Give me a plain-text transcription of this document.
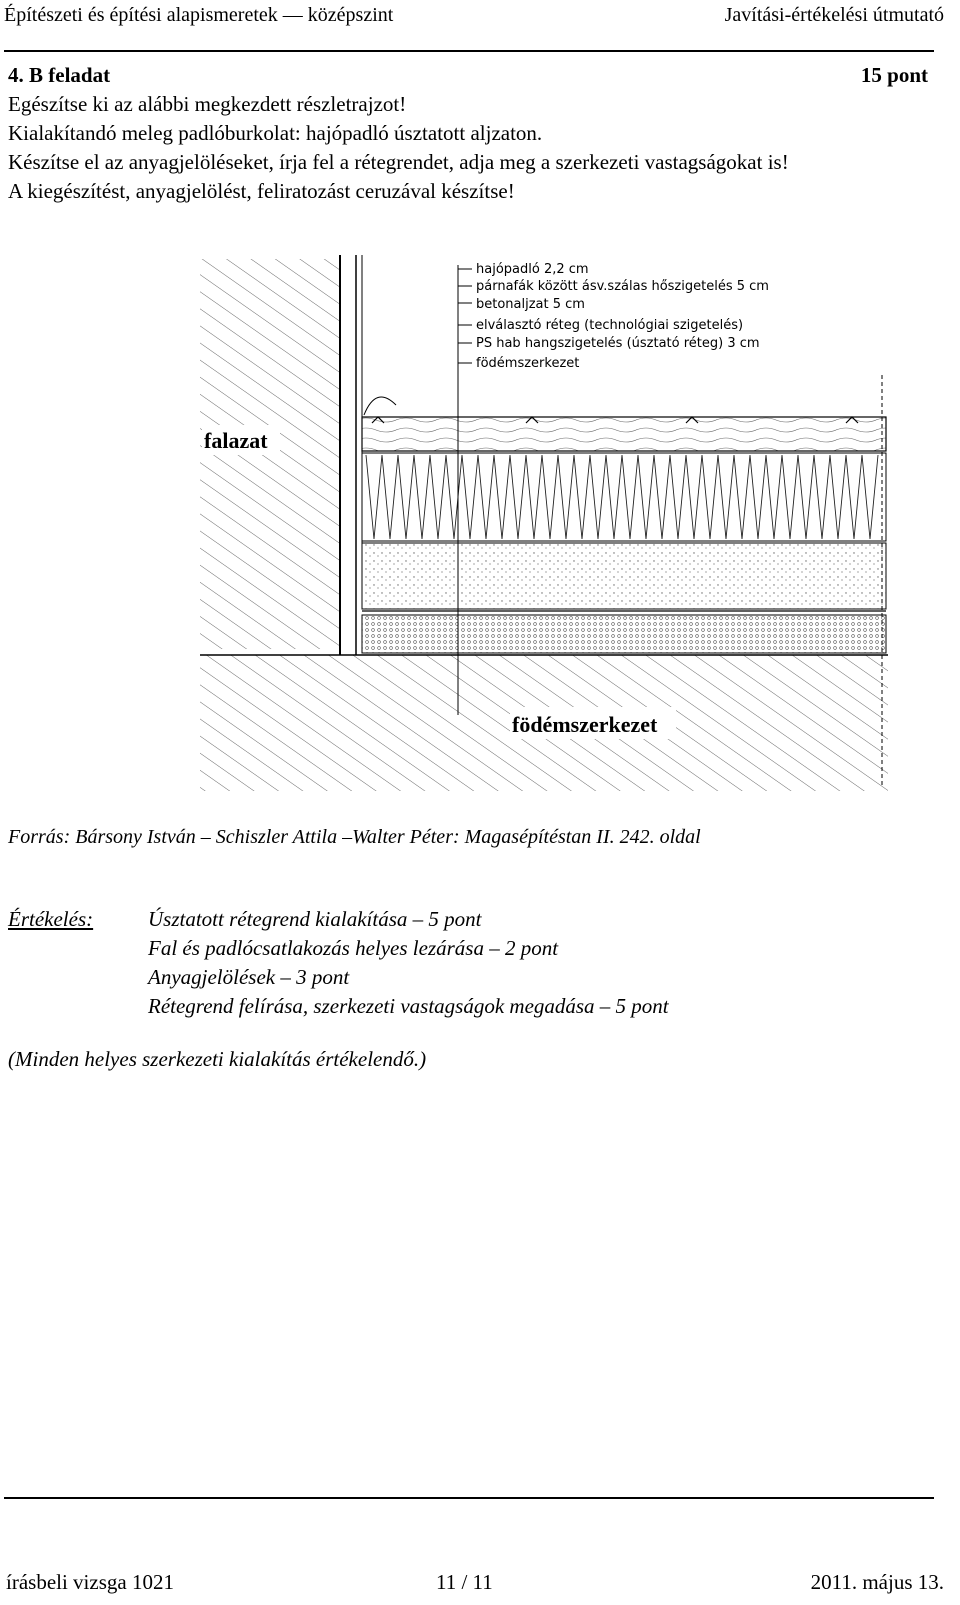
Építészeti és építési alapismeretek — középszint	Javítási-értékelési útmutató
4. B feladat	15 pont
Egészítse ki az alábbi megkezdett részletrajzot!
Kialakítandó meleg padlóburkolat: hajópadló úsztatott aljzaton.
Készítse el az anyagjelöléseket, írja fel a rétegrendet, adja meg a szerkezeti vastagságokat is!
A kiegészítést, anyagjelölést, feliratozást ceruzával készítse!
hajópadló 2,2 cm
párnafák között ásv.szálas hőszigetelés 5 cm
betonaljzat 5 cm
elválasztó réteg (technológiai szigetelés)
PS hab hangszigetelés (úsztató réteg) 3 cm
födémszerkezet
falazat
födémszerkezet
Forrás: Bársony István – Schiszler Attila –Walter Péter: Magasépítéstan II. 242. oldal
Értékelés:	Úsztatott rétegrend kialakítása – 5 pont
Fal és padlócsatlakozás helyes lezárása – 2 pont
Anyagjelölések – 3 pont
Rétegrend felírása, szerkezeti vastagságok megadása – 5 pont
(Minden helyes szerkezeti kialakítás értékelendő.)
írásbeli vizsga 1021	11 / 11	2011. május 13.
